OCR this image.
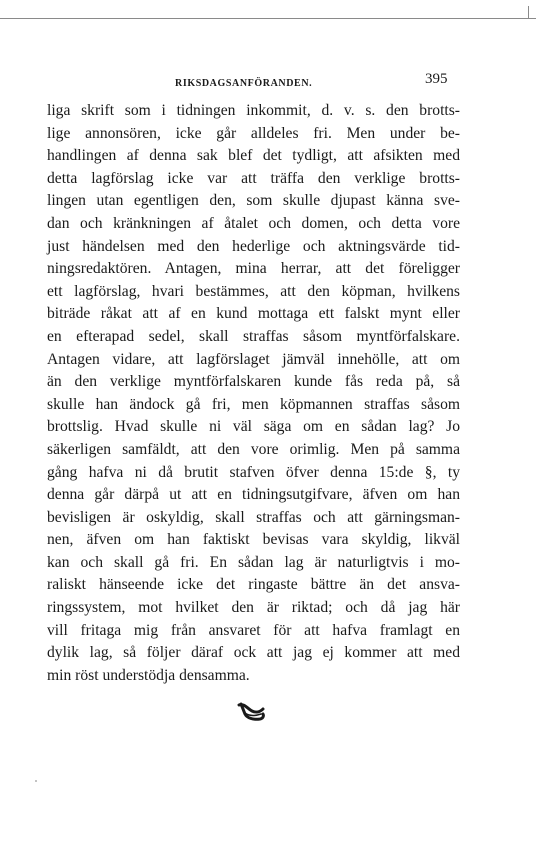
RIKSDAGSANFÖRANDEN.	395
liga skrift som i tidningen inkommit, d. v. s. den brotts-
lige annonsören, icke går alldeles fri. Men under be-
handlingen af denna sak blef det tydligt, att afsikten med
detta lagförslag icke var att träffa den verklige brotts-
lingen utan egentligen den, som skulle djupast känna sve-
dan och kränkningen af åtalet och domen, och detta vore
just händelsen med den hederlige och aktningsvärde tid-
ningsredaktören. Antagen, mina herrar, att det föreligger
ett lagförslag, hvari bestämmes, att den köpman, hvilkens
biträde råkat att af en kund mottaga ett falskt mynt eller
en efterapad sedel, skall straffas såsom myntförfalskare.
Antagen vidare, att lagförslaget jämväl innehölle, att om
än den verklige myntförfalskaren kunde fås reda på, så
skulle han ändock gå fri, men köpmannen straffas såsom
brottslig. Hvad skulle ni väl säga om en sådan lag? Jo
säkerligen samfäldt, att den vore orimlig. Men på samma
gång hafva ni då brutit stafven öfver denna 15:de §, ty
denna går därpå ut att en tidningsutgifvare, äfven om han
bevisligen är oskyldig, skall straffas och att gärningsman-
nen, äfven om han faktiskt bevisas vara skyldig, likväl
kan och skall gå fri. En sådan lag är naturligtvis i mo-
raliskt hänseende icke det ringaste bättre än det ansva-
ringssystem, mot hvilket den är riktad; och då jag här
vill fritaga mig från ansvaret för att hafva framlagt en
dylik lag, så följer däraf ock att jag ej kommer att med
min röst understödja densamma.
